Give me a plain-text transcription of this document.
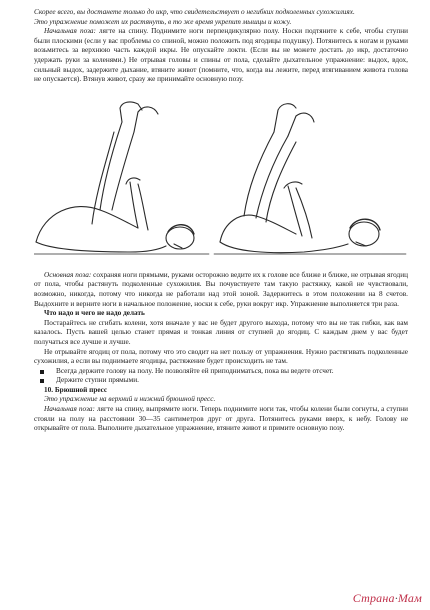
Скорее всего, вы достанете только до икр, что свидетельствует о негибких подколенных сухожилиях.

Это упражнение поможет их растянуть, в то же время укрепит мышцы и кожу.

Начальная поза: лягте на спину. Поднимите ноги перпендикулярно полу. Носки подтяните к себе, чтобы ступни были плоскими (если у вас проблемы со спиной, можно положить под ягодицы подушку). Потянитесь к ногам и руками возьмитесь за верхнюю часть каждой икры. Не опускайте локти. (Если вы не можете достать до икр, достаточно удержать руки за коленями.) Не отрывая головы и спины от пола, сделайте дыхательное упражнение: выдох, вдох, сильный выдох, задержите дыхание, втяните живот (помните, что, когда вы лежите, перед втягиванием живота голова не опускается). Втянув живот, сразу же принимайте основную позу.

Основная поза: сохраняя ноги прямыми, руками осторожно ведите их к голове все ближе и ближе, не отрывая ягодиц от пола, чтобы растянуть подколенные сухожилия. Вы почувствуете там такую растяжку, какой не чувствовали, возможно, никогда, потому что никогда не работали над этой зоной. Задержитесь в этом положении на 8 счетов. Выдохните и верните ноги в начальное положение, носки к себе, руки вокруг икр. Упражнение выполняется три раза.

Что надо и чего не надо делать

Постарайтесь не сгибать колени, хотя вначале у вас не будет другого выхода, потому что вы не так гибки, как вам казалось. Пусть вашей целью станет прямая и тонкая линия от ступней до ягодиц. С каждым днем у вас будет получаться все лучше и лучше.

Не отрывайте ягодиц от пола, потому что это сводит на нет пользу от упражнения. Нужно растягивать подколенные сухожилия, а если вы поднимаете ягодицы, растяжение будет происходить не там.

Всегда держите голову на полу. Не позволяйте ей приподниматься, пока вы ведете отсчет.
Держите ступни прямыми.

10. Брюшной пресс

Это упражнение на верхний и нижний брюшной пресс.

Начальная поза: лягте на спину, выпрямите ноги. Теперь поднимите ноги так, чтобы колени были согнуты, а ступни стояли на полу на расстоянии 30—35 сантиметров друг от друга. Потянитесь руками вверх, к небу. Голову не открывайте от пола. Выполните дыхательное упражнение, втяните живот и примите основную позу.

Страна·Мам
